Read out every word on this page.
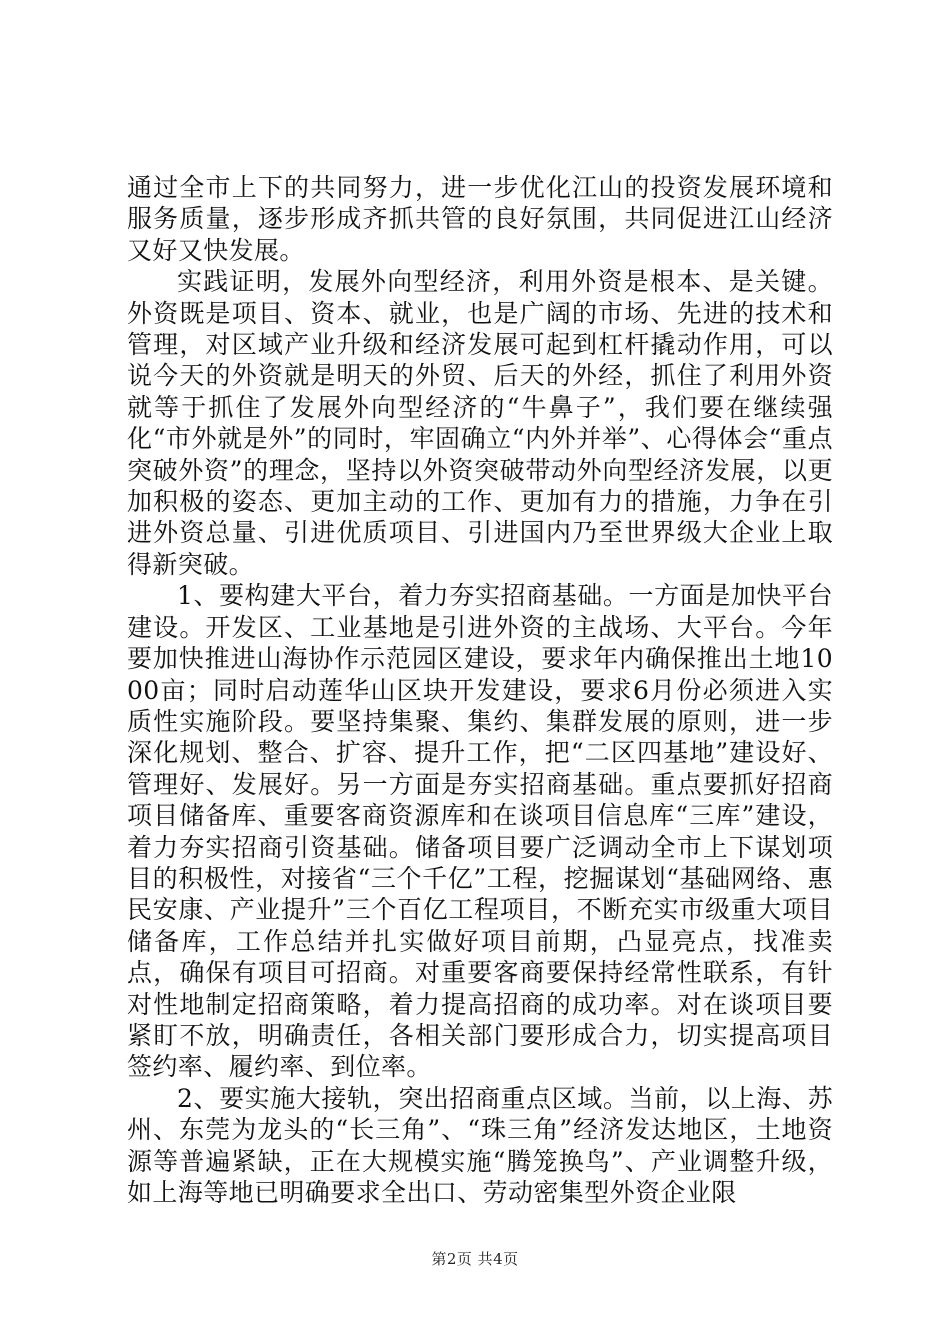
通过全市上下的共同努力，进一步优化江山的投资发展环境和服务质量，逐步形成齐抓共管的良好氛围，共同促进江山经济又好又快发展。

实践证明，发展外向型经济，利用外资是根本、是关键。外资既是项目、资本、就业，也是广阔的市场、先进的技术和管理，对区域产业升级和经济发展可起到杠杆撬动作用，可以说今天的外资就是明天的外贸、后天的外经，抓住了利用外资就等于抓住了发展外向型经济的“牛鼻子”，我们要在继续强化“市外就是外”的同时，牢固确立“内外并举”、心得体会“重点突破外资”的理念，坚持以外资突破带动外向型经济发展，以更加积极的姿态、更加主动的工作、更加有力的措施，力争在引进外资总量、引进优质项目、引进国内乃至世界级大企业上取得新突破。

1、要构建大平台，着力夯实招商基础。一方面是加快平台建设。开发区、工业基地是引进外资的主战场、大平台。今年要加快推进山海协作示范园区建设，要求年内确保推出土地1000亩；同时启动莲华山区块开发建设，要求6月份必须进入实质性实施阶段。要坚持集聚、集约、集群发展的原则，进一步深化规划、整合、扩容、提升工作，把“二区四基地”建设好、管理好、发展好。另一方面是夯实招商基础。重点要抓好招商项目储备库、重要客商资源库和在谈项目信息库“三库”建设，着力夯实招商引资基础。储备项目要广泛调动全市上下谋划项目的积极性，对接省“三个千亿”工程，挖掘谋划“基础网络、惠民安康、产业提升”三个百亿工程项目，不断充实市级重大项目储备库，工作总结并扎实做好项目前期，凸显亮点，找准卖点，确保有项目可招商。对重要客商要保持经常性联系，有针对性地制定招商策略，着力提高招商的成功率。对在谈项目要紧盯不放，明确责任，各相关部门要形成合力，切实提高项目签约率、履约率、到位率。

2、要实施大接轨，突出招商重点区域。当前，以上海、苏州、东莞为龙头的“长三角”、“珠三角”经济发达地区，土地资源等普遍紧缺，正在大规模实施“腾笼换鸟”、产业调整升级，如上海等地已明确要求全出口、劳动密集型外资企业限

第2页 共4页
